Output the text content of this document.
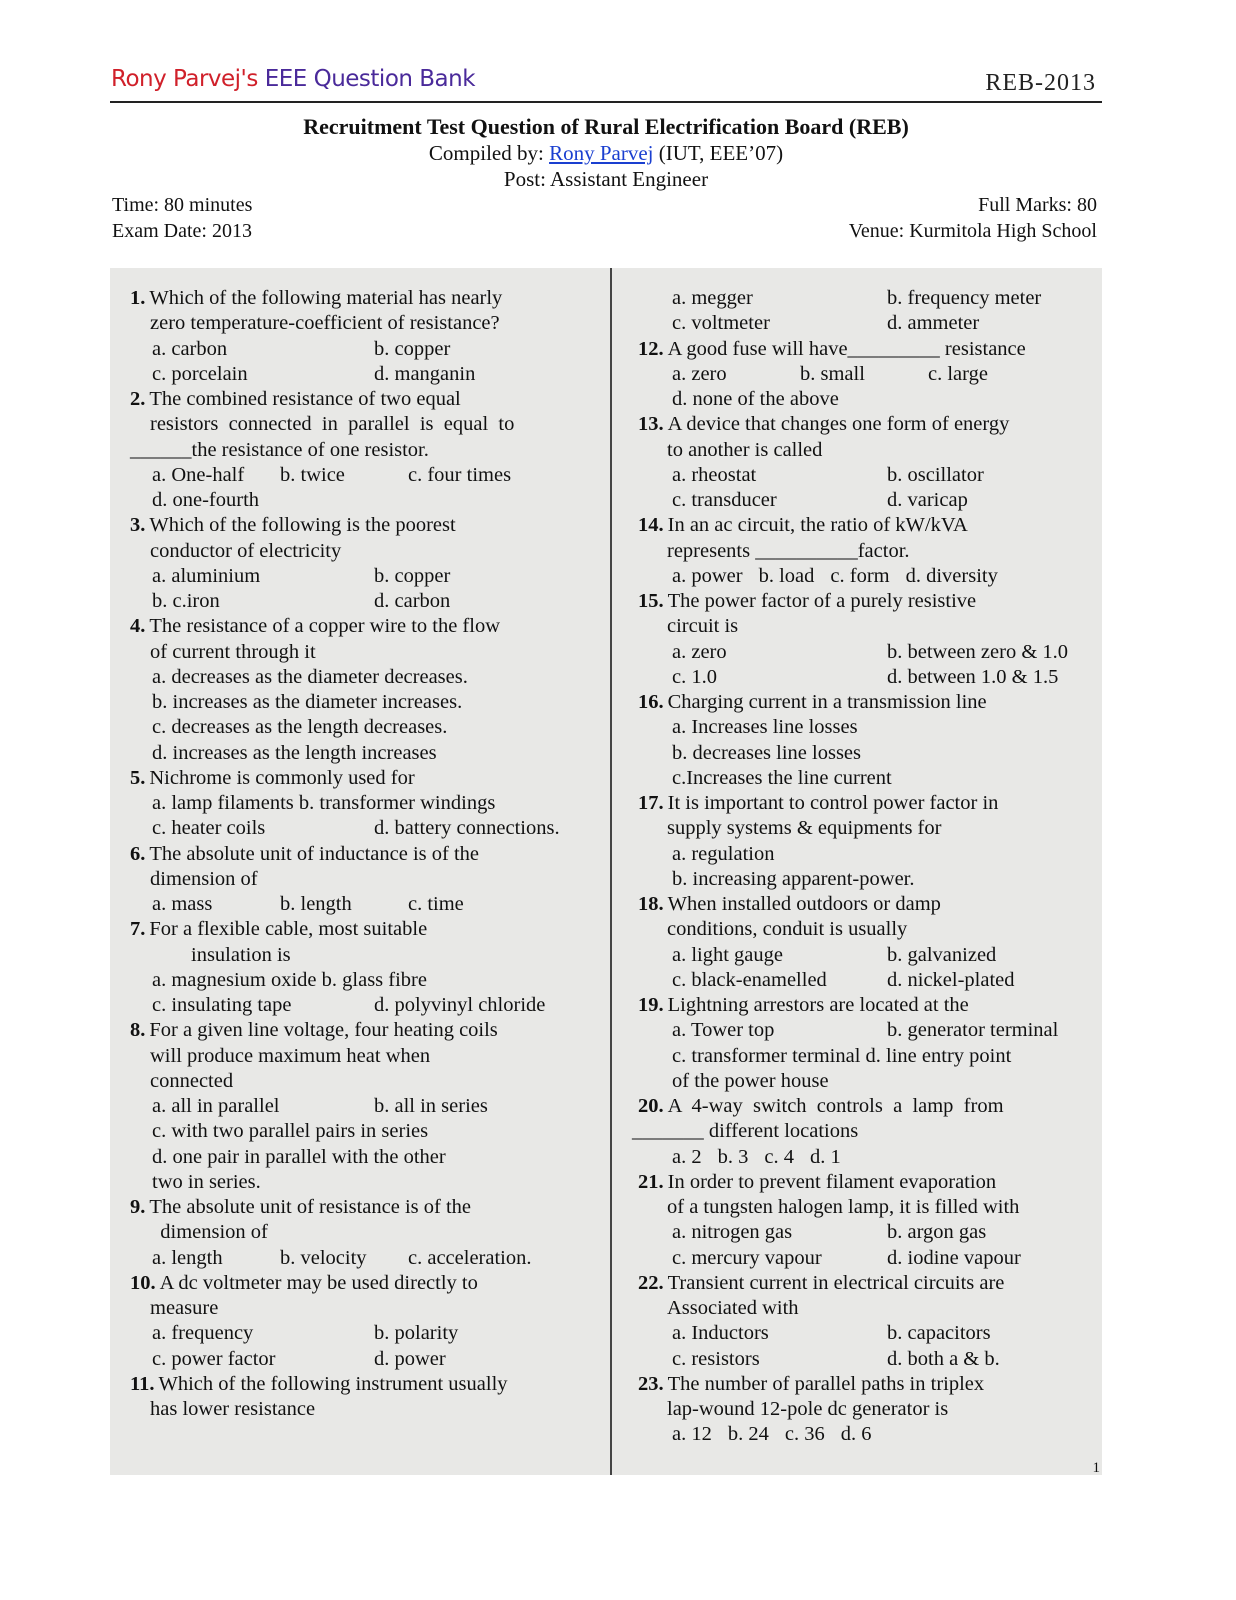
Rony Parvej's EEE Question Bank	REB-2013
Recruitment Test Question of Rural Electrification Board (REB)
Compiled by: Rony Parvej (IUT, EEE’07)
Post: Assistant Engineer
Time: 80 minutes
Exam Date: 2013
Full Marks: 80
Venue: Kurmitola High School
1. Which of the following material has nearly
zero temperature-coefficient of resistance?
a. carbon	b. copper
c. porcelain	d. manganin
2. The combined resistance of two equal
resistors  connected  in  parallel  is  equal  to
______the resistance of one resistor.
a. One-half	b. twice	c. four times
d. one-fourth
3. Which of the following is the poorest
conductor of electricity
a. aluminium	b. copper
b. c.iron	d. carbon
4. The resistance of a copper wire to the flow
of current through it
a. decreases as the diameter decreases.
b. increases as the diameter increases.
c. decreases as the length decreases.
d. increases as the length increases
5. Nichrome is commonly used for
a. lamp filaments b. transformer windings
c. heater coils	d. battery connections.
6. The absolute unit of inductance is of the
dimension of
a. mass	b. length	c. time
7. For a flexible cable, most suitable
insulation is
a. magnesium oxide b. glass fibre
c. insulating tape	d. polyvinyl chloride
8. For a given line voltage, four heating coils
will produce maximum heat when
connected
a. all in parallel	b. all in series
c. with two parallel pairs in series
d. one pair in parallel with the other
two in series.
9. The absolute unit of resistance is of the
dimension of
a. length	b. velocity	c. acceleration.
10. A dc voltmeter may be used directly to
measure
a. frequency	b. polarity
c. power factor	d. power
11. Which of the following instrument usually
has lower resistance
a. megger	b. frequency meter
c. voltmeter	d. ammeter
12. A good fuse will have_________ resistance
a. zero	b. small	c. large
d. none of the above
13. A device that changes one form of energy
to another is called
a. rheostat	b. oscillator
c. transducer	d. varicap
14. In an ac circuit, the ratio of kW/kVA
represents __________factor.
a. power b. load c. form d. diversity
15. The power factor of a purely resistive
circuit is
a. zero	b. between zero & 1.0
c. 1.0	d. between 1.0 & 1.5
16. Charging current in a transmission line
a. Increases line losses
b. decreases line losses
c.Increases the line current
17. It is important to control power factor in
supply systems & equipments for
a. regulation
b. increasing apparent-power.
18. When installed outdoors or damp
conditions, conduit is usually
a. light gauge	b. galvanized
c. black-enamelled	d. nickel-plated
19. Lightning arrestors are located at the
a. Tower top	b. generator terminal
c. transformer terminal d. line entry point
of the power house
20. A  4-way  switch  controls  a  lamp  from
_______ different locations
a. 2 b. 3 c. 4 d. 1
21. In order to prevent filament evaporation
of a tungsten halogen lamp, it is filled with
a. nitrogen gas	b. argon gas
c. mercury vapour	d. iodine vapour
22. Transient current in electrical circuits are
Associated with
a. Inductors	b. capacitors
c. resistors	d. both a & b.
23. The number of parallel paths in triplex
lap-wound 12-pole dc generator is
a. 12 b. 24 c. 36 d. 6
1
